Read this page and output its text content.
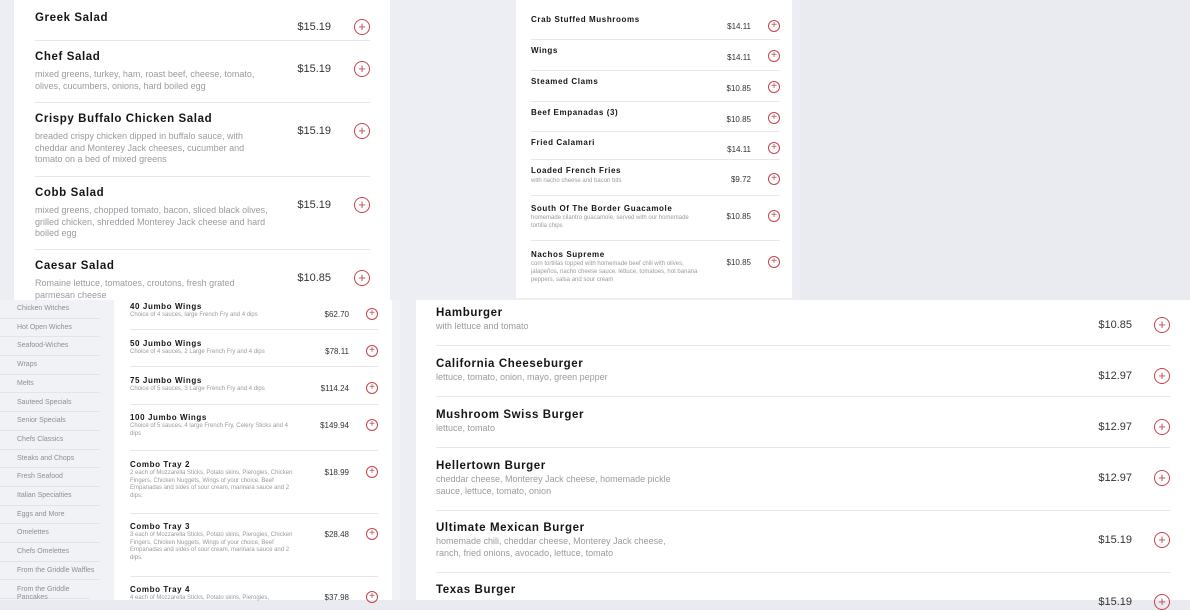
Greek Salad
$15.19
+
Chef Salad
mixed greens, turkey, ham, roast beef, cheese, tomato, olives, cucumbers, onions, hard boiled egg
$15.19
+
Crispy Buffalo Chicken Salad
breaded crispy chicken dipped in buffalo sauce, with cheddar and Monterey Jack cheeses, cucumber and tomato on a bed of mixed greens
$15.19
+
Cobb Salad
mixed greens, chopped tomato, bacon, sliced black olives, grilled chicken, shredded Monterey Jack cheese and hard boiled egg
$15.19
+
Caesar Salad
Romaine lettuce, tomatoes, croutons, fresh grated parmesan cheese
$10.85
+
Crab Stuffed Mushrooms
$14.11
+
Wings
$14.11
+
Steamed Clams
$10.85
+
Beef Empanadas (3)
$10.85
+
Fried Calamari
$14.11
+
Loaded French Fries
with nacho cheese and bacon bits	$9.72
+
South Of The Border Guacamole
homemade cilantro guacamole, served with our homemade tortilla chips
$10.85
+
Nachos Supreme
corn tortillas topped with homemade beef chili with olives, jalapeños, nacho cheese sauce, lettuce, tomatoes, hot banana peppers, salsa and sour cream
$10.85
+
Chicken Witches
Hot Open Wiches
Seafood-Wiches
Wraps
Melts
Sauteed Specials
Senior Specials
Chefs Classics
Steaks and Chops
Fresh Seafood
Italian Specialties
Eggs and More
Omelettes
Chefs Omelettes
From the Griddle Waffles
From the Griddle Pancakes
40 Jumbo Wings
Choice of 4 sauces, large French Fry and 4 dips	$62.70
+
50 Jumbo Wings
Choice of 4 sauces, 2 Large French Fry and 4 dips	$78.11
+
75 Jumbo Wings
Choice of 5 sauces, 3 Large French Fry and 4 dips	$114.24
+
100 Jumbo Wings
Choice of 5 sauces, 4 large French Fry, Celery Sticks and 4 dips
$149.94
+
Combo Tray 2
2 each of Mozzarella Sticks, Potato skins, Pierogies, Chicken Fingers, Chicken Nuggets, Wings of your choice, Beef Empanadas and sides of sour cream, marinara sauce and 2 dips.
$18.99
+
Combo Tray 3
3 each of Mozzarella Sticks, Potato skins, Pierogies, Chicken Fingers, Chicken Nuggets, Wings of your choice, Beef Empanadas and sides of sour cream, marinara sauce and 2 dips.
$28.48
+
Combo Tray 4
4 each of Mozzarella Sticks, Potato skins, Pierogies,	$37.98
+
Hamburger
with lettuce and tomato	$10.85
+
California Cheeseburger
lettuce, tomato, onion, mayo, green pepper	$12.97
+
Mushroom Swiss Burger
lettuce, tomato	$12.97
+
Hellertown Burger
cheddar cheese, Monterey Jack cheese, homemade pickle sauce, lettuce, tomato, onion
$12.97
+
Ultimate Mexican Burger
homemade chili, cheddar cheese, Monterey Jack cheese, ranch, fried onions, avocado, lettuce, tomato
$15.19
+
Texas Burger
$15.19
+
